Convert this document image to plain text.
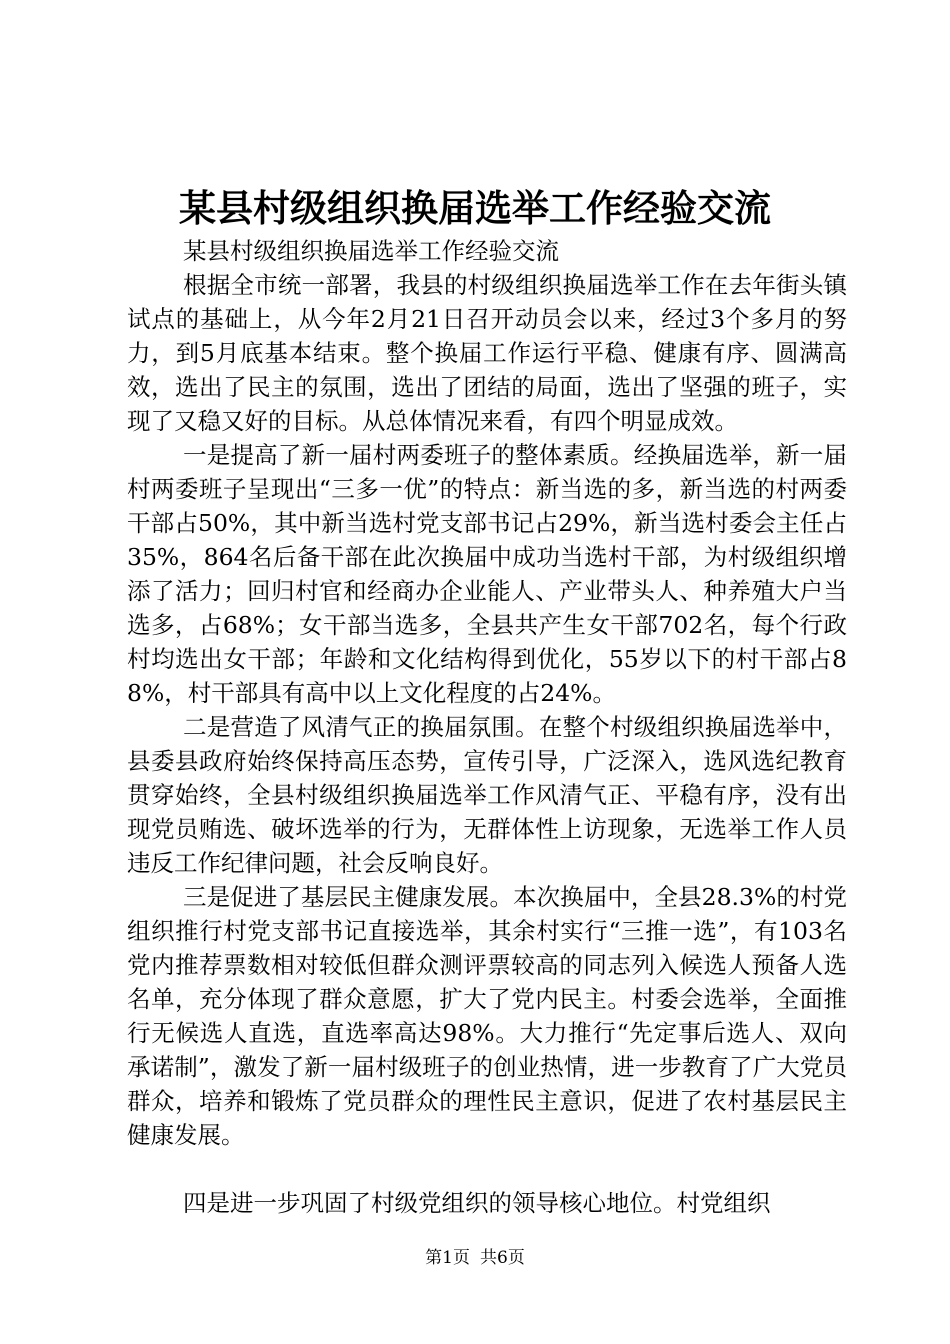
某县村级组织换届选举工作经验交流

某县村级组织换届选举工作经验交流

根据全市统一部署，我县的村级组织换届选举工作在去年街头镇试点的基础上，从今年2月21日召开动员会以来，经过3个多月的努力，到5月底基本结束。整个换届工作运行平稳、健康有序、圆满高效，选出了民主的氛围，选出了团结的局面，选出了坚强的班子，实现了又稳又好的目标。从总体情况来看，有四个明显成效。

一是提高了新一届村两委班子的整体素质。经换届选举，新一届村两委班子呈现出“三多一优”的特点：新当选的多，新当选的村两委干部占50%，其中新当选村党支部书记占29%，新当选村委会主任占35%，864名后备干部在此次换届中成功当选村干部，为村级组织增添了活力；回归村官和经商办企业能人、产业带头人、种养殖大户当选多，占68%；女干部当选多，全县共产生女干部702名，每个行政村均选出女干部；年龄和文化结构得到优化，55岁以下的村干部占88%，村干部具有高中以上文化程度的占24%。

二是营造了风清气正的换届氛围。在整个村级组织换届选举中，县委县政府始终保持高压态势，宣传引导，广泛深入，选风选纪教育贯穿始终，全县村级组织换届选举工作风清气正、平稳有序，没有出现党员贿选、破坏选举的行为，无群体性上访现象，无选举工作人员违反工作纪律问题，社会反响良好。

三是促进了基层民主健康发展。本次换届中，全县28.3%的村党组织推行村党支部书记直接选举，其余村实行“三推一选”，有103名党内推荐票数相对较低但群众测评票较高的同志列入候选人预备人选名单，充分体现了群众意愿，扩大了党内民主。村委会选举，全面推行无候选人直选，直选率高达98%。大力推行“先定事后选人、双向承诺制”，激发了新一届村级班子的创业热情，进一步教育了广大党员群众，培养和锻炼了党员群众的理性民主意识，促进了农村基层民主健康发展。

四是进一步巩固了村级党组织的领导核心地位。村党组织

第1页 共6页
